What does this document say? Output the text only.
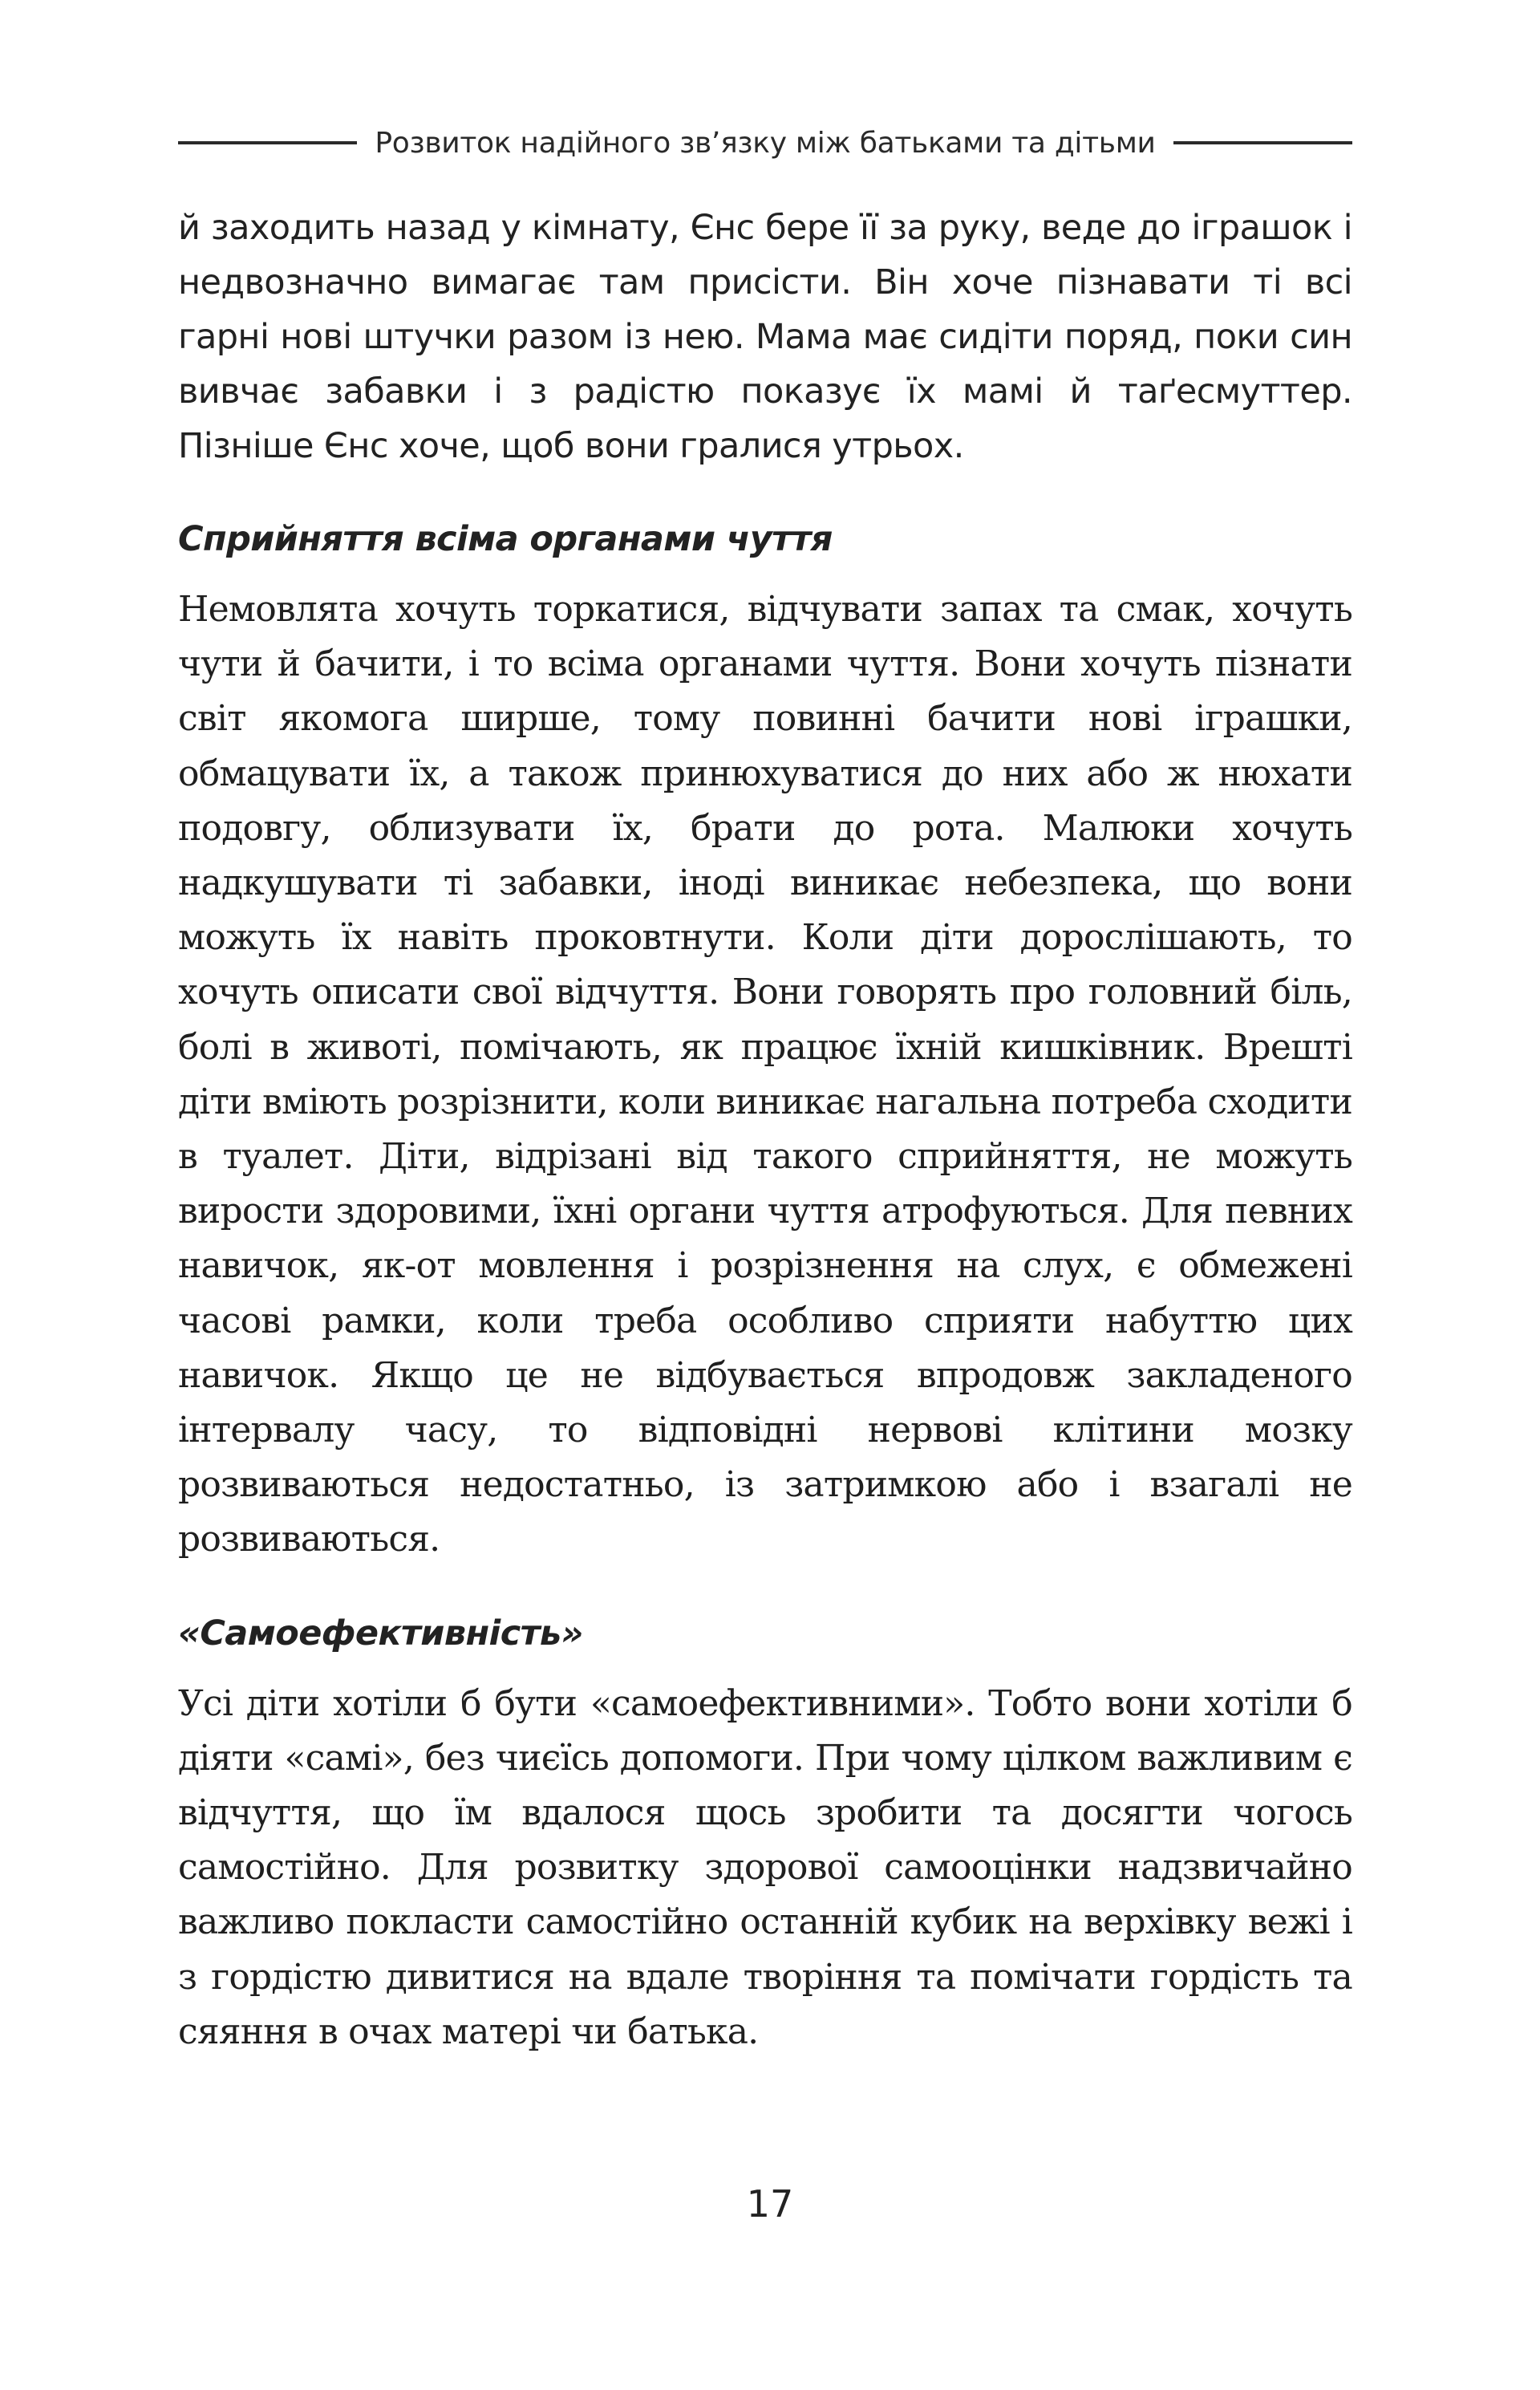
Розвиток надійного зв’язку між батьками та дітьми

й заходить назад у кімнату, Єнс бере її за руку, веде до іграшок і недвозначно вимагає там присісти. Він хоче пізнавати ті всі гарні нові штучки разом із нею. Мама має сидіти поряд, поки син вивчає забавки і з радістю показує їх мамі й таґесмуттер. Пізніше Єнс хоче, щоб вони гралися утрьох.

Сприйняття всіма органами чуття

Немовлята хочуть торкатися, відчувати запах та смак, хочуть чути й бачити, і то всіма органами чуття. Вони хочуть пізнати світ якомога ширше, тому повинні бачити нові іграшки, обмацувати їх, а також принюхуватися до них або ж нюхати подовгу, облизувати їх, брати до рота. Малюки хочуть надкушувати ті забавки, іноді виникає небезпека, що вони можуть їх навіть проковтнути. Коли діти дорослішають, то хочуть описати свої відчуття. Вони говорять про головний біль, болі в животі, помічають, як працює їхній кишківник. Врешті діти вміють розрізнити, коли виникає нагальна потреба сходити в туалет. Діти, відрізані від такого сприйняття, не можуть вирости здоровими, їхні органи чуття атрофуються. Для певних навичок, як-от мовлення і розрізнення на слух, є обмежені часові рамки, коли треба особливо сприяти набуттю цих навичок. Якщо це не відбувається впродовж закладеного інтервалу часу, то відповідні нервові клітини мозку розвиваються недостатньо, із затримкою або і взагалі не розвиваються.

«Самоефективність»

Усі діти хотіли б бути «самоефективними». Тобто вони хотіли б діяти «самі», без чиєїсь допомоги. При чому цілком важливим є відчуття, що їм вдалося щось зробити та досягти чогось самостійно. Для розвитку здорової самооцінки надзвичайно важливо покласти самостійно останній кубик на верхівку вежі і з гордістю дивитися на вдале творіння та помічати гордість та сяяння в очах матері чи батька.

17
